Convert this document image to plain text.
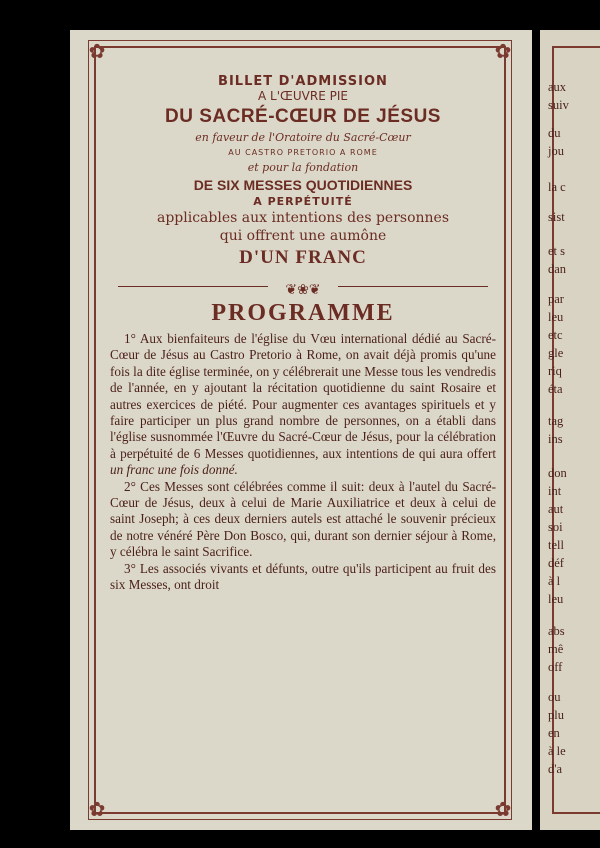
✿	✿
✿	✿
BILLET D'ADMISSION
A L'ŒUVRE PIE
DU SACRÉ-CŒUR DE JÉSUS
en faveur de l'Oratoire du Sacré-Cœur
AU CASTRO PRETORIO A ROME
et pour la fondation
DE SIX MESSES QUOTIDIENNES
A PERPÉTUITÉ
applicables aux intentions des personnes
qui offrent une aumône
D'UN FRANC
❦❀❦
PROGRAMME

1° Aux bienfaiteurs de l'église du Vœu international dédié au Sacré-Cœur de Jésus au Castro Pretorio à Rome, on avait déjà promis qu'une fois la dite église terminée, on y célébrerait une Messe tous les vendredis de l'année, en y ajoutant la récitation quotidienne du saint Rosaire et autres exercices de piété. Pour augmenter ces avantages spirituels et y faire participer un plus grand nombre de personnes, on a établi dans l'église susnommée l'Œuvre du Sacré-Cœur de Jésus, pour la célébration à perpétuité de 6 Messes quotidiennes, aux intentions de qui aura offert un franc une fois donné.

2° Ces Messes sont célébrées comme il suit: deux à l'autel du Sacré-Cœur de Jésus, deux à celui de Marie Auxiliatrice et deux à celui de saint Joseph; à ces deux derniers autels est attaché le souvenir précieux de notre vénéré Père Don Bosco, qui, durant son dernier séjour à Rome, y célébra le saint Sacrifice.

3° Les associés vivants et défunts, outre qu'ils participent au fruit des six Messes, ont droit

aux
suiv
du
jou
la c
sist
et s
dan
par
leu
etc
gle
riq
éta
tag
ins
don
int
aut
soi
tell
déf
à l
leu
abs
mê
off
ou
plu
en
à le
d'a
